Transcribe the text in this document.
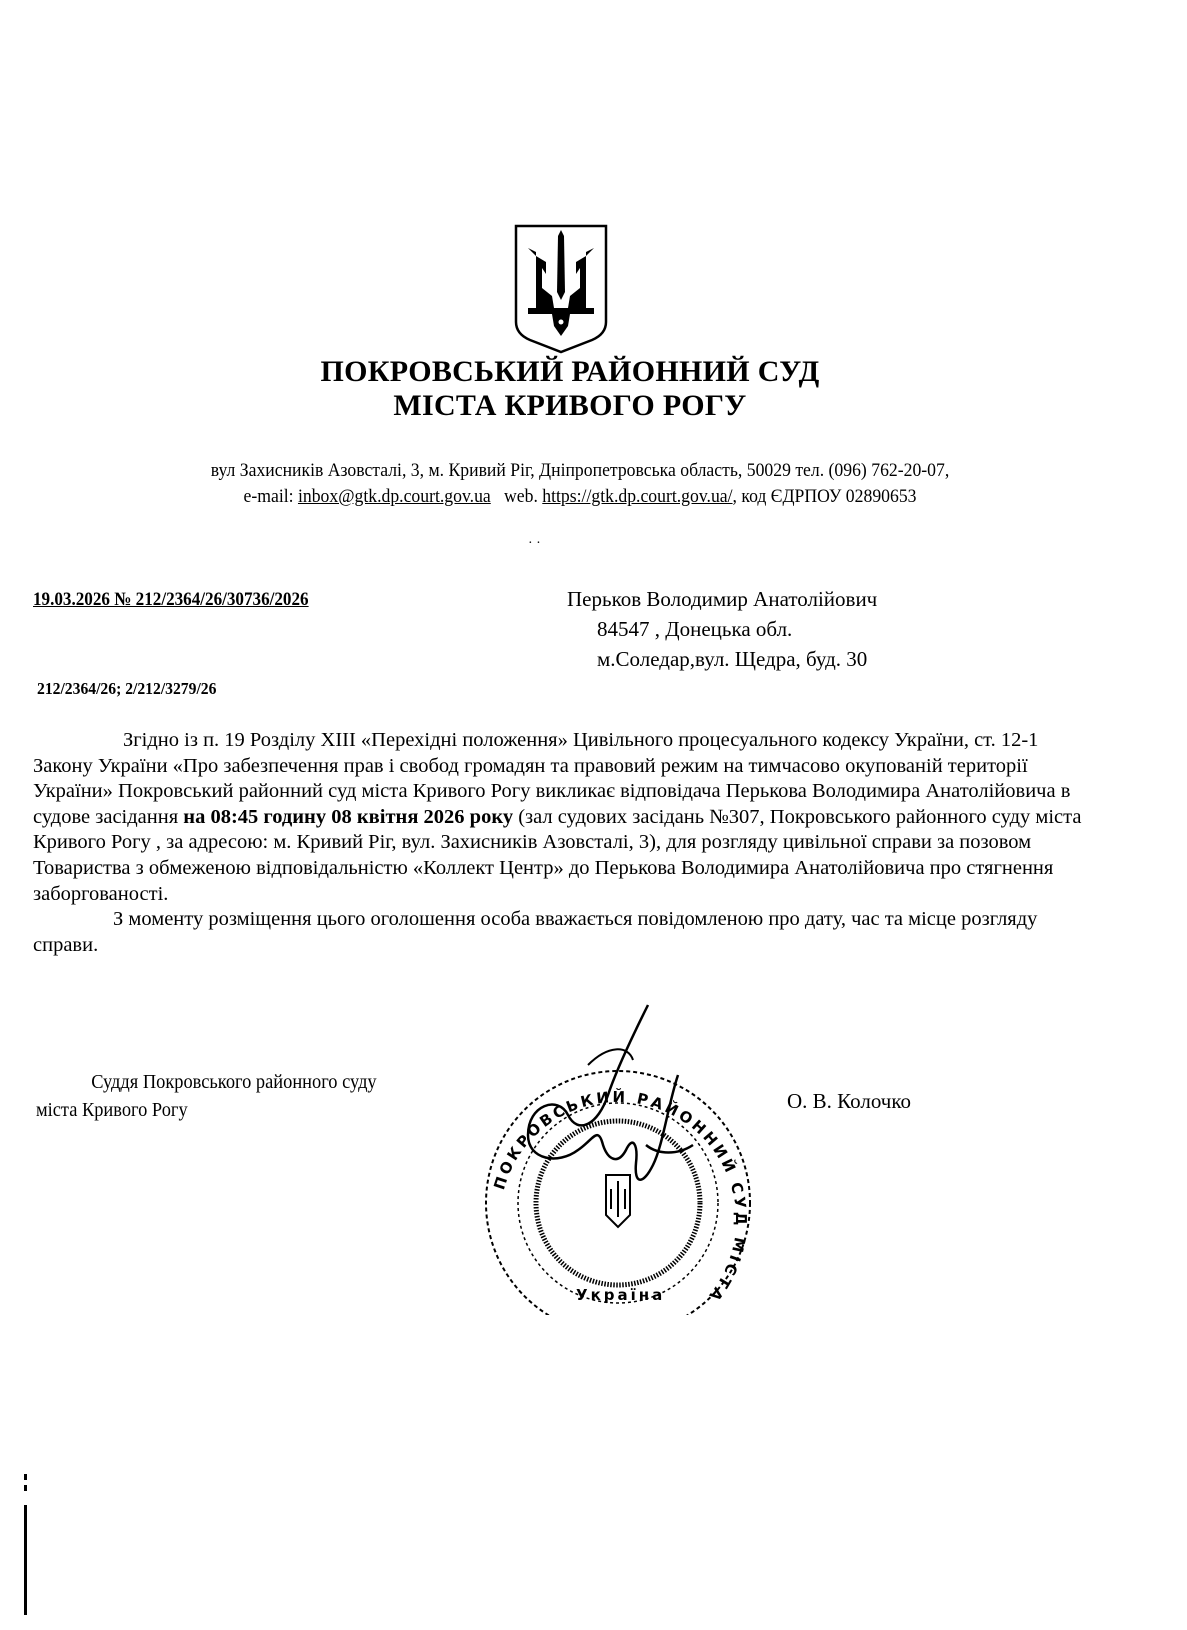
ПОКРОВСЬКИЙ РАЙОННИЙ СУД
МІСТА КРИВОГО РОГУ
вул Захисників Азовсталі, 3, м. Кривий Ріг, Дніпропетровська область, 50029 тел. (096) 762-20-07,
e-mail: inbox@gtk.dp.court.gov.ua web. https://gtk.dp.court.gov.ua/, код ЄДРПОУ 02890653
· ·
19.03.2026 № 212/2364/26/30736/2026	Перьков Володимир Анатолійович
84547 , Донецька обл.
м.Соледар,вул. Щедра, буд. 30
212/2364/26; 2/212/3279/26

Згідно із п. 19 Розділу XIII «Перехідні положення» Цивільного процесуального кодексу України, ст. 12-1 Закону України «Про забезпечення прав і свобод громадян та правовий режим на тимчасово окупованій території України» Покровський районний суд міста Кривого Рогу викликає відповідача Перькова Володимира Анатолійовича в судове засідання на 08:45 годину 08 квітня 2026 року (зал судових засідань №307, Покровського районного суду міста Кривого Рогу , за адресою: м. Кривий Ріг, вул. Захисників Азовсталі, 3), для розгляду цивільної справи за позовом Товариства з обмеженою відповідальністю «Коллект Центр» до Перькова Володимира Анатолійовича про стягнення заборгованості.

З моменту розміщення цього оголошення особа вважається повідомленою про дату, час та місце розгляду справи.

Суддя Покровського районного суду
міста Кривого Рогу
ПОКРОВСЬКИЙ РАЙОННИЙ СУД МІСТА
Україна
О. В. Колочко
